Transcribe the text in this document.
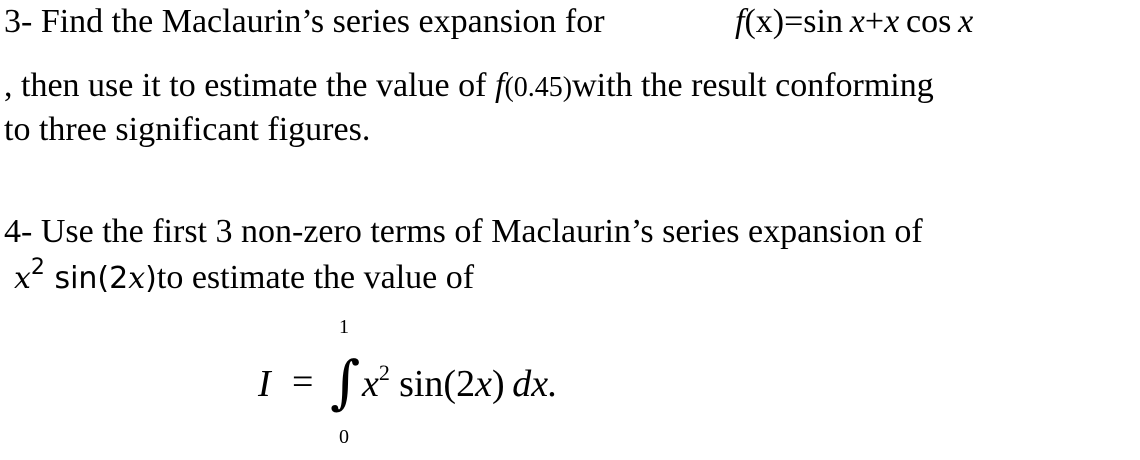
3- Find the Maclaurin’s series expansion for	f(x)=sin  x+x  cos  x
, then use it to estimate the value of f(0.45)with the result conforming
to three significant figures.
4- Use the first 3 non-zero terms of Maclaurin’s series expansion of
$x^2$ sin(2x)to estimate the value of
1
I = ∫ $x^2$  sin(2x)  dx.
0
